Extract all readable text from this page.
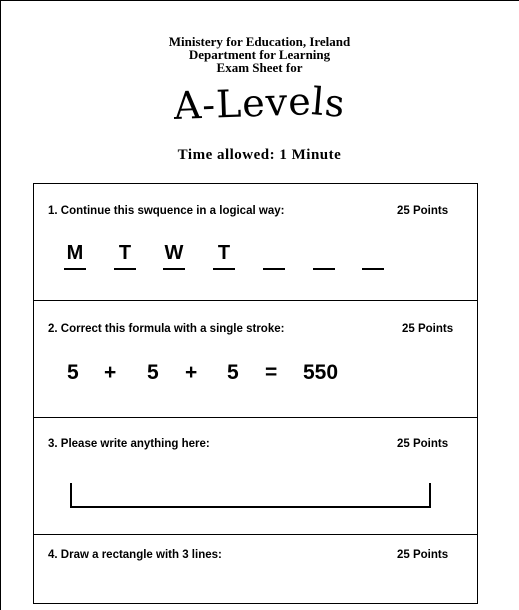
Ministery for Education, Ireland
Department for Learning
Exam Sheet for
A-Levels
Time allowed: 1 Minute
1. Continue this swquence in a logical way:	25 Points
M T W T
2. Correct this formula with a single stroke:	25 Points
5 + 5 + 5 = 550
3. Please write anything here:	25 Points
4. Draw a rectangle with 3 lines:	25 Points
